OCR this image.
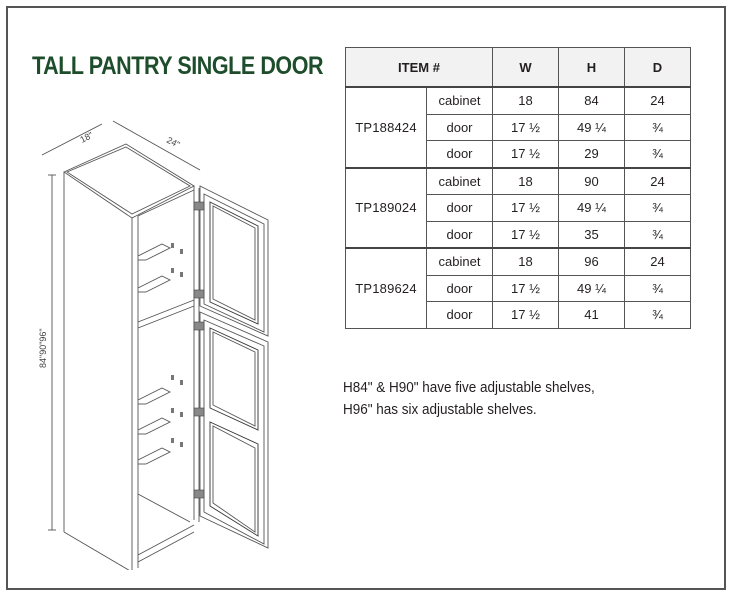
TALL PANTRY SINGLE DOOR
18"	24"
84"90"96"
ITEM #		W	H	D
TP188424	cabinet	18	84	24
	door	17 ½	49 ¼	¾
	door	17 ½	29	¾
TP189024	cabinet	18	90	24
	door	17 ½	49 ¼	¾
	door	17 ½	35	¾
TP189624	cabinet	18	96	24
	door	17 ½	49 ¼	¾
	door	17 ½	41	¾
H84" & H90" have five adjustable shelves,
H96" has six adjustable shelves.
